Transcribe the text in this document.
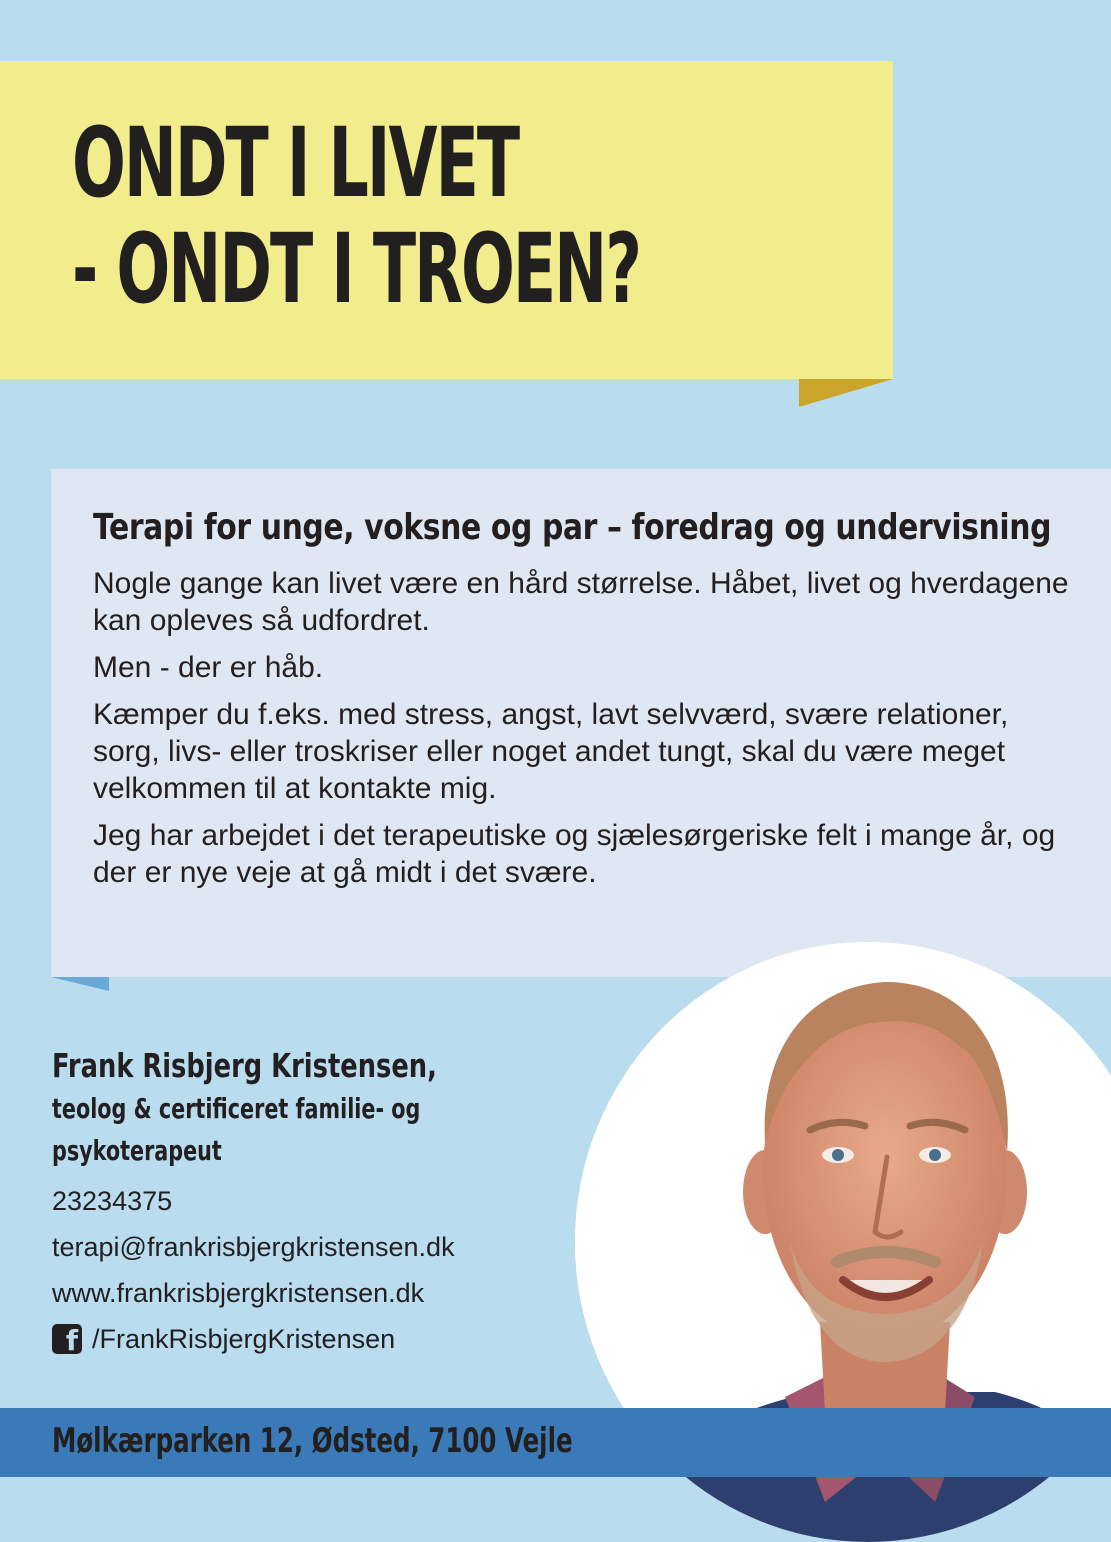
ONDT I LIVET
- ONDT I TROEN?
Terapi for unge, voksne og par – foredrag og undervisning

Nogle gange kan livet være en hård størrelse. Håbet, livet og hverdagene kan opleves så udfordret.

Men - der er håb.

Kæmper du f.eks. med stress, angst, lavt selvværd, svære relationer, sorg, livs- eller troskriser eller noget andet tungt, skal du være meget velkommen til at kontakte mig.

Jeg har arbejdet i det terapeutiske og sjælesørgeriske felt i mange år, og der er nye veje at gå midt i det svære.

Frank Risbjerg Kristensen,
teolog & certificeret familie- og
psykoterapeut
23234375
terapi@frankrisbjergkristensen.dk
www.frankrisbjergkristensen.dk
f /FrankRisbjergKristensen
Mølkærparken 12, Ødsted, 7100 Vejle
